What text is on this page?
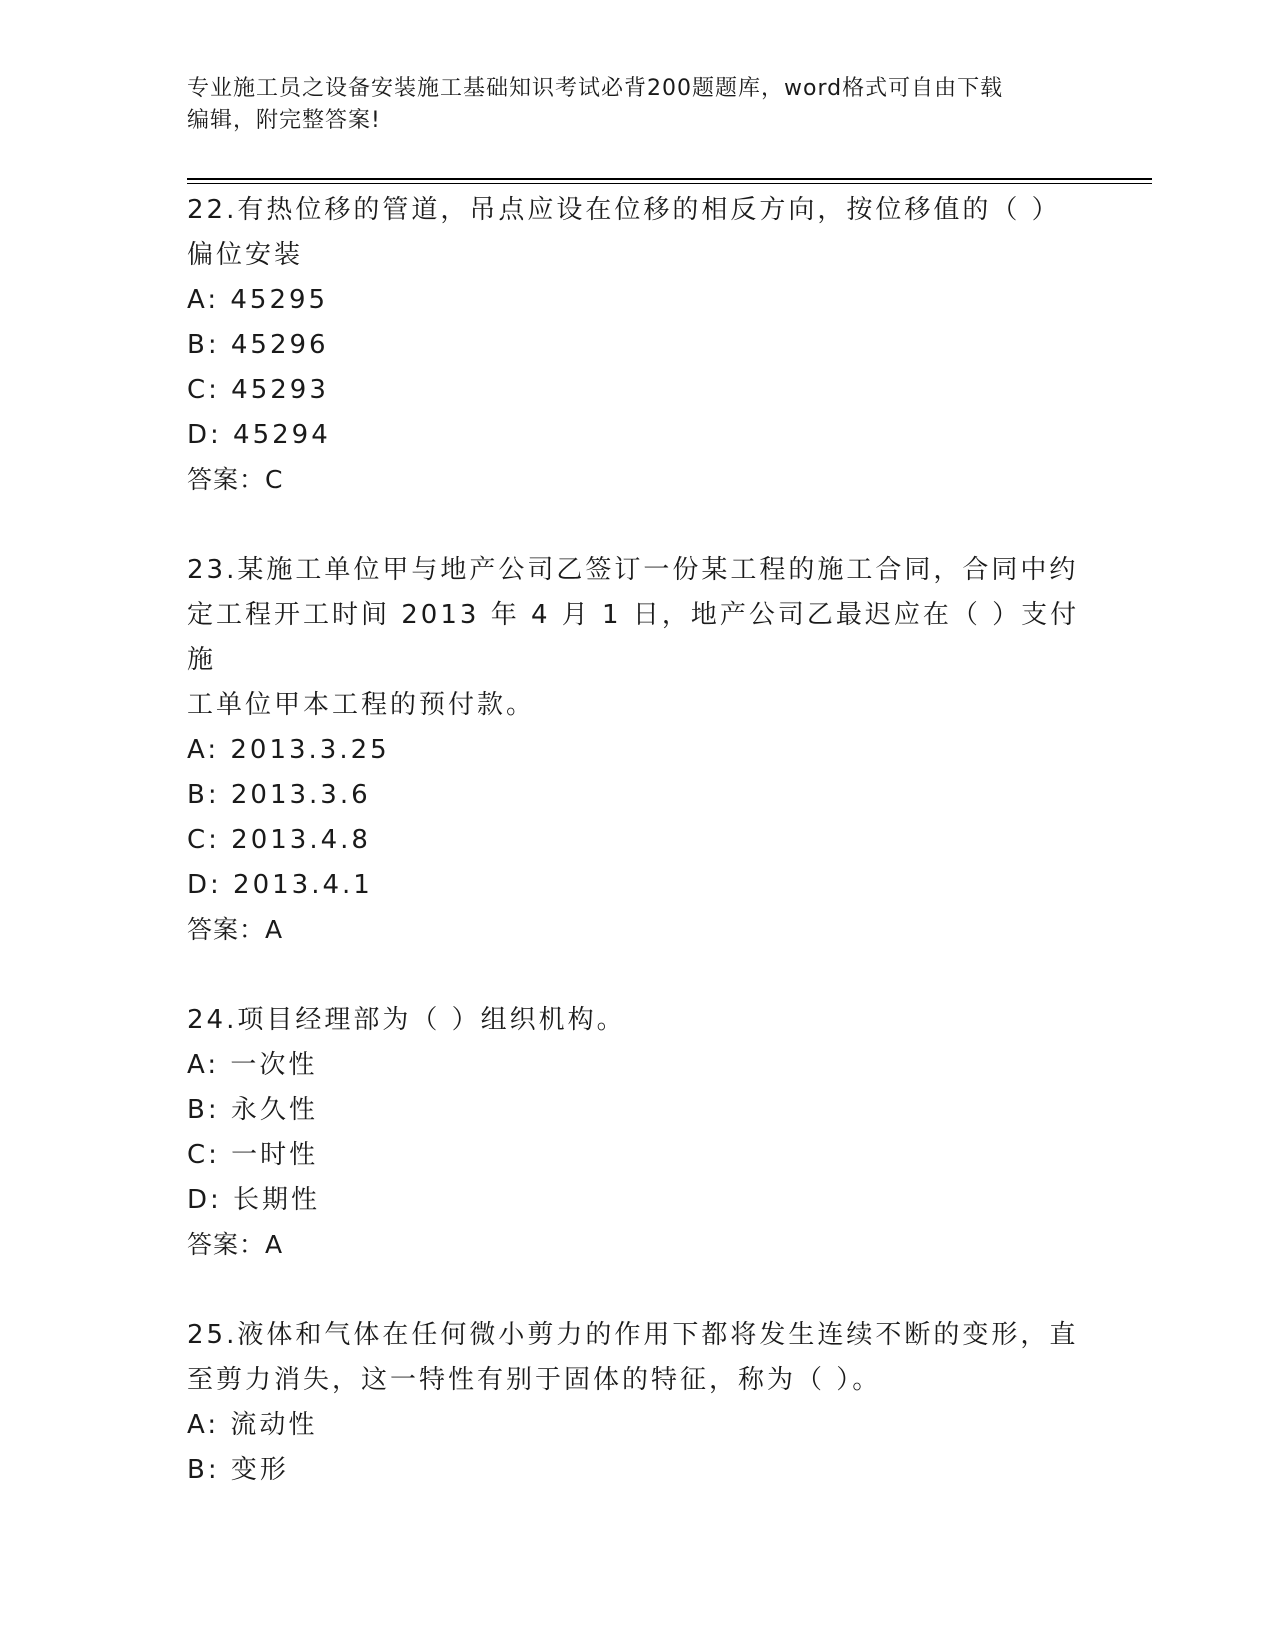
专业施工员之设备安装施工基础知识考试必背200题题库，word格式可自由下载
编辑，附完整答案!

22.有热位移的管道，吊点应设在位移的相反方向，按位移值的（ ）

偏位安装

A: 45295

B: 45296

C: 45293

D: 45294

答案：C

23.某施工单位甲与地产公司乙签订一份某工程的施工合同，合同中约

定工程开工时间 2013 年 4 月 1 日，地产公司乙最迟应在（ ）支付施

工单位甲本工程的预付款。

A: 2013.3.25

B: 2013.3.6

C: 2013.4.8

D: 2013.4.1

答案：A

24.项目经理部为（ ）组织机构。

A: 一次性

B: 永久性

C: 一时性

D: 长期性

答案：A

25.液体和气体在任何微小剪力的作用下都将发生连续不断的变形，直

至剪力消失，这一特性有别于固体的特征，称为（ ）。

A: 流动性

B: 变形
